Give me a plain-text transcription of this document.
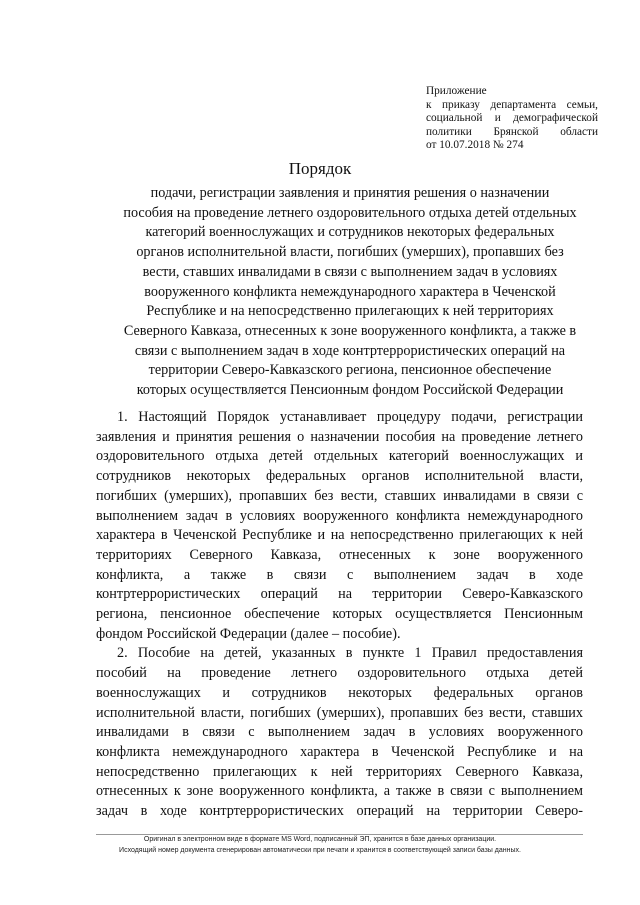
Приложение
к приказу департамента семьи,
социальной и демографической
политики Брянской области
от 10.07.2018 № 274
Порядок
подачи, регистрации заявления и принятия решения о назначении
пособия на проведение летнего оздоровительного отдыха детей отдельных
категорий военнослужащих и сотрудников некоторых федеральных
органов исполнительной власти, погибших (умерших), пропавших без
вести, ставших инвалидами в связи с выполнением задач в условиях
вооруженного конфликта немеждународного характера в Чеченской
Республике и на непосредственно прилегающих к ней территориях
Северного Кавказа, отнесенных к зоне вооруженного конфликта, а также в
связи с выполнением задач в ходе контртеррористических операций на
территории Северо-Кавказского региона, пенсионное обеспечение
которых осуществляется Пенсионным фондом Российской Федерации
1. Настоящий Порядок устанавливает процедуру подачи, регистрации
заявления и принятия решения о назначении пособия на проведение летнего
оздоровительного отдыха детей отдельных категорий военнослужащих и
сотрудников некоторых федеральных органов исполнительной власти,
погибших (умерших), пропавших без вести, ставших инвалидами в связи с
выполнением задач в условиях вооруженного конфликта немеждународного
характера в Чеченской Республике и на непосредственно прилегающих к ней
территориях Северного Кавказа, отнесенных к зоне вооруженного
конфликта, а также в связи с выполнением задач в ходе
контртеррористических операций на территории Северо-Кавказского
региона, пенсионное обеспечение которых осуществляется Пенсионным
фондом Российской Федерации (далее – пособие).
2. Пособие на детей, указанных в пункте 1 Правил предоставления
пособий на проведение летнего оздоровительного отдыха детей
военнослужащих и сотрудников некоторых федеральных органов
исполнительной власти, погибших (умерших), пропавших без вести, ставших
инвалидами в связи с выполнением задач в условиях вооруженного
конфликта немеждународного характера в Чеченской Республике и на
непосредственно прилегающих к ней территориях Северного Кавказа,
отнесенных к зоне вооруженного конфликта, а также в связи с выполнением
задач в ходе контртеррористических операций на территории Северо-
Оригинал в электронном виде в формате MS Word, подписанный ЭП, хранится в базе данных организации.
Исходящий номер документа сгенерирован автоматически при печати и хранится в соответствующей записи базы данных.
